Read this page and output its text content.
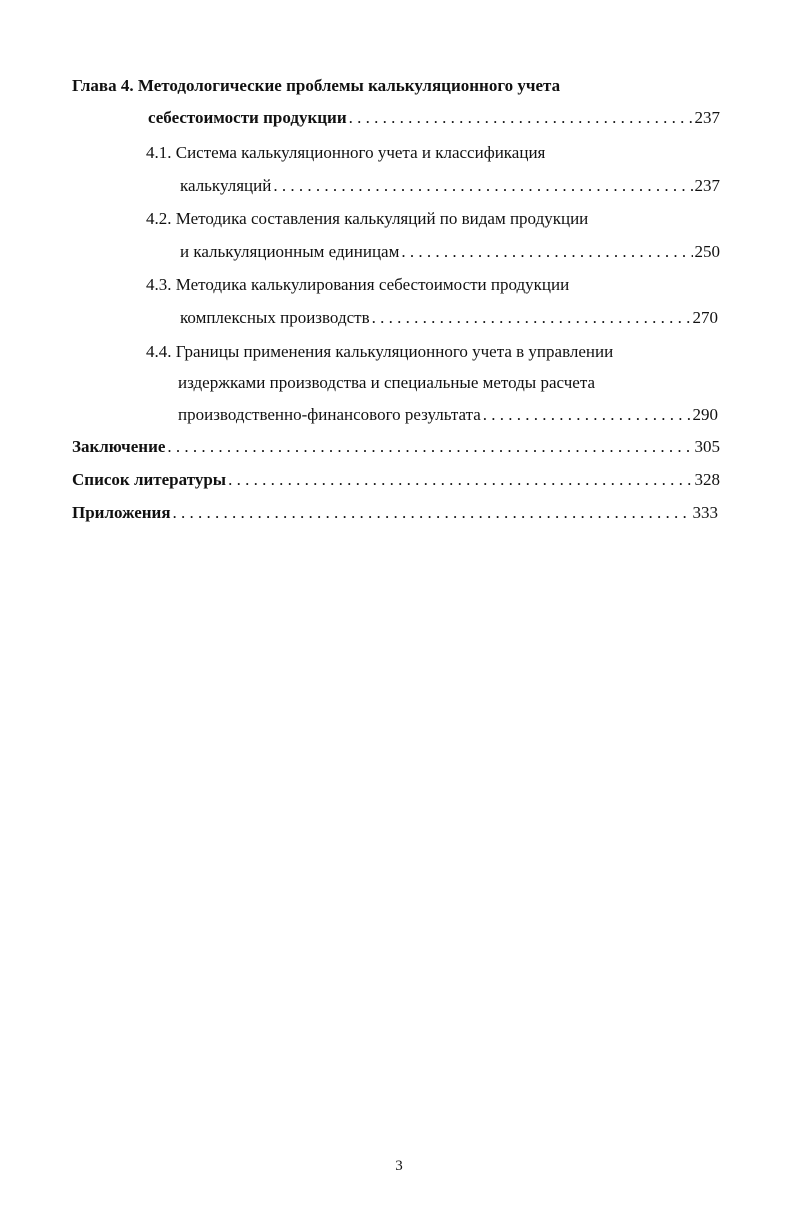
Глава 4. Методологические проблемы калькуляционного учета
себестоимости продукции . . .	237
4.1. Система калькуляционного учета и классификация
калькуляций . . .	237
4.2. Методика составления калькуляций по видам продукции
и калькуляционным единицам . . .	250
4.3. Методика калькулирования себестоимости продукции
комплексных производств . . .	270
4.4. Границы применения калькуляционного учета в управлении
издержками производства и специальные методы расчета
производственно-финансового результата . . .	290
Заключение . . .	305
Список литературы . . .	328
Приложения . . .	333
3
